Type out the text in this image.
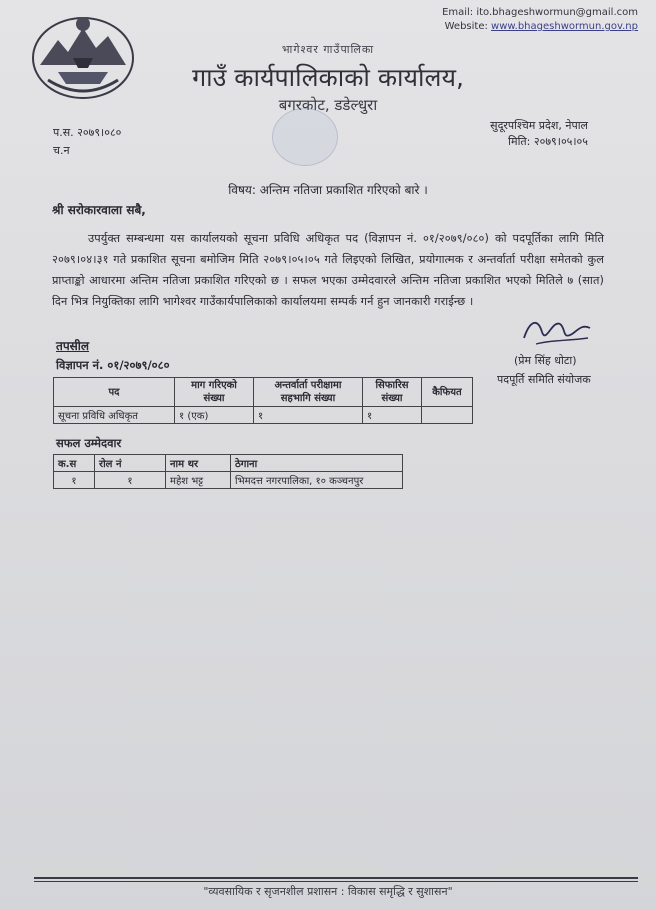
Email: ito.bhageshwormun@gmail.com
Website: www.bhageshwormun.gov.np
भागेश्वर गाउँपालिका
गाउँ कार्यपालिकाको कार्यालय,
बगरकोट, डडेल्धुरा
प.स. २०७९।०८०
च.न
सुदूरपश्चिम प्रदेश, नेपाल
मिति: २०७९।०५।०५
विषय: अन्तिम नतिजा प्रकाशित गरिएको बारे ।
श्री सरोकारवाला सबै,
उपर्युक्त सम्बन्धमा यस कार्यालयको सूचना प्रविधि अधिकृत पद (विज्ञापन नं. ०१/२०७९/०८०) को पदपूर्तिका लागि मिति २०७९।०४।३१ गते प्रकाशित सूचना बमोजिम मिति २०७९।०५।०५ गते लिइएको लिखित, प्रयोगात्मक र अन्तर्वार्ता परीक्षा समेतको कुल प्राप्ताङ्को आधारमा अन्तिम नतिजा प्रकाशित गरिएको छ । सफल भएका उम्मेदवारले अन्तिम नतिजा प्रकाशित भएको मितिले ७ (सात) दिन भित्र नियुक्तिका लागि भागेश्वर गाउँकार्यपालिकाको कार्यालयमा सम्पर्क गर्न हुन जानकारी गराईन्छ ।
(प्रेम सिंह धोटा)
पदपूर्ति समिति संयोजक
तपसील
विज्ञापन नं. ०१/२०७९/०८०
पद	माग गरिएको संख्या	अन्तर्वार्ता परीक्षामा सहभागि संख्या	सिफारिस संख्या	कैफियत
सूचना प्रविधि अधिकृत	१ (एक)	१	१	
सफल उम्मेदवार
क.स	रोल नं	नाम थर	ठेगाना
१	१	महेश भट्ट	भिमदत्त नगरपालिका, १० कञ्चनपुर
"व्यवसायिक र सृजनशील प्रशासन : विकास समृद्धि र सुशासन"
